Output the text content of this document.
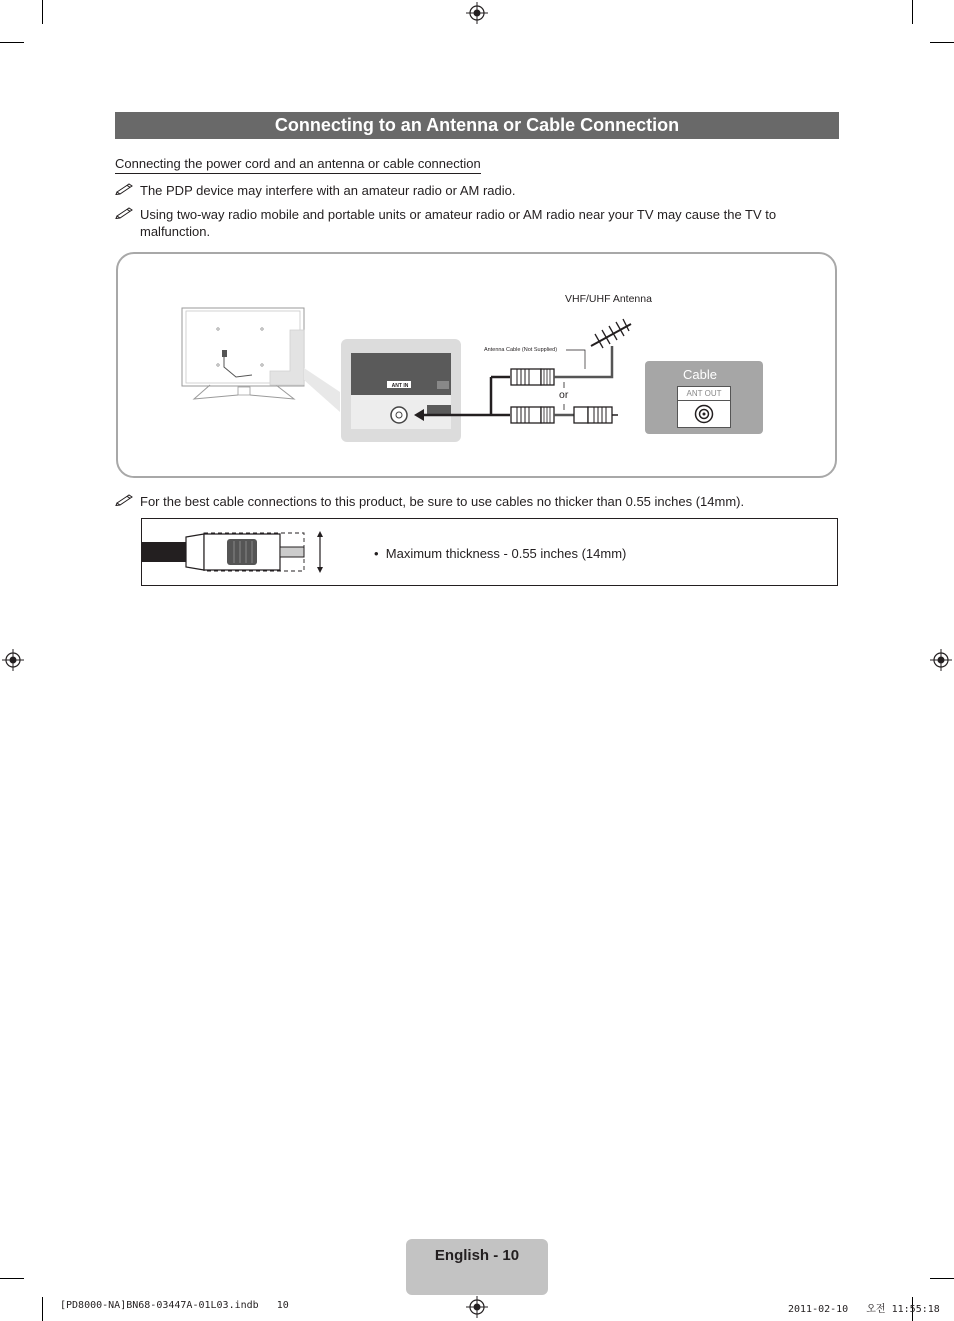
Connecting to an Antenna or Cable Connection
Connecting the power cord and an antenna or cable connection
The PDP device may interfere with an amateur radio or AM radio.
Using two-way radio mobile and portable units or amateur radio or AM radio near your TV may cause the TV to malfunction.
ANT IN
VHF/UHF Antenna
Antenna Cable (Not Supplied)
or
Cable
ANT OUT
For the best cable connections to this product, be sure to use cables no thicker than 0.55 inches (14mm).
•  Maximum thickness - 0.55 inches (14mm)
English - 10
[PD8000-NA]BN68-03447A-01L03.indb   10	2011-02-10   오전 11:55:18
